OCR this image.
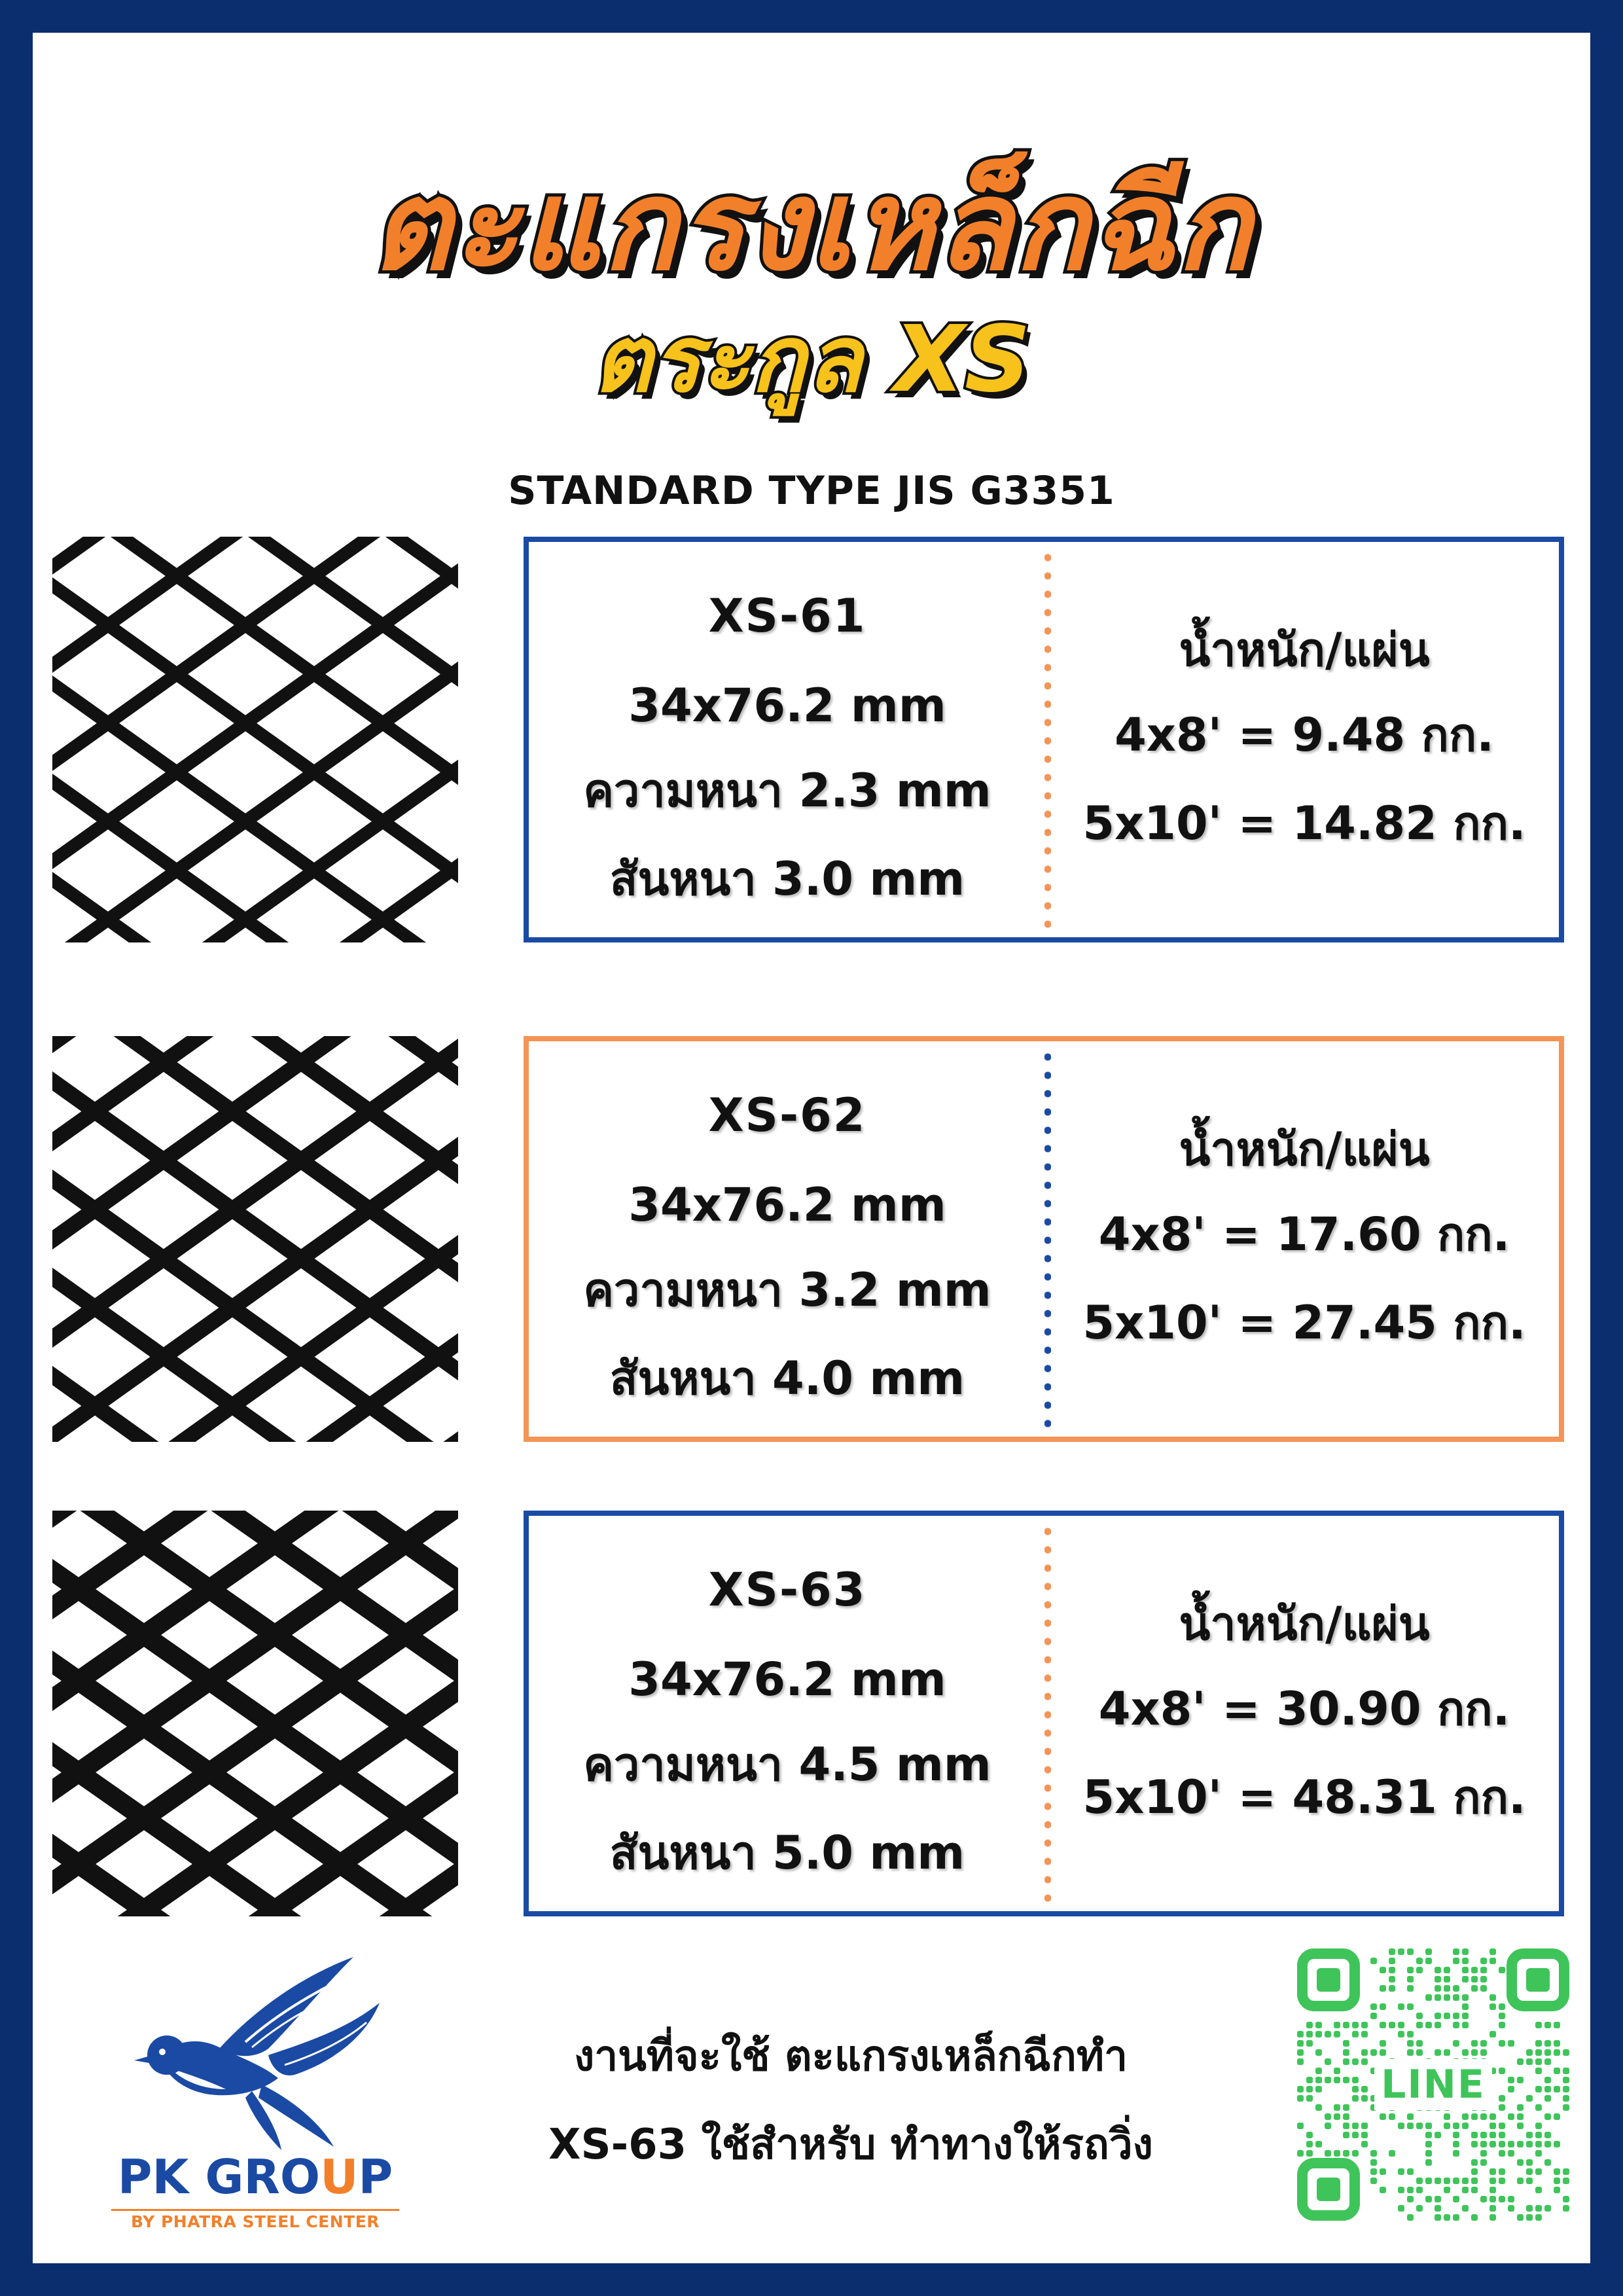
ตะแกรงเหล็กฉีก
ตระกูล XS
STANDARD TYPE JIS G3351
XS-61
34x76.2 mm
ความหนา 2.3 mm
สันหนา 3.0 mm
น้ำหนัก/แผ่น
4x8' = 9.48 กก.
5x10' = 14.82 กก.
XS-62
34x76.2 mm
ความหนา 3.2 mm
สันหนา 4.0 mm
น้ำหนัก/แผ่น
4x8' = 17.60 กก.
5x10' = 27.45 กก.
XS-63
34x76.2 mm
ความหนา 4.5 mm
สันหนา 5.0 mm
น้ำหนัก/แผ่น
4x8' = 30.90 กก.
5x10' = 48.31 กก.
PK GROUP
BY PHATRA STEEL CENTER
งานที่จะใช้ ตะแกรงเหล็กฉีกทำ
XS-63 ใช้สำหรับ ทำทางให้รถวิ่ง
LINE
